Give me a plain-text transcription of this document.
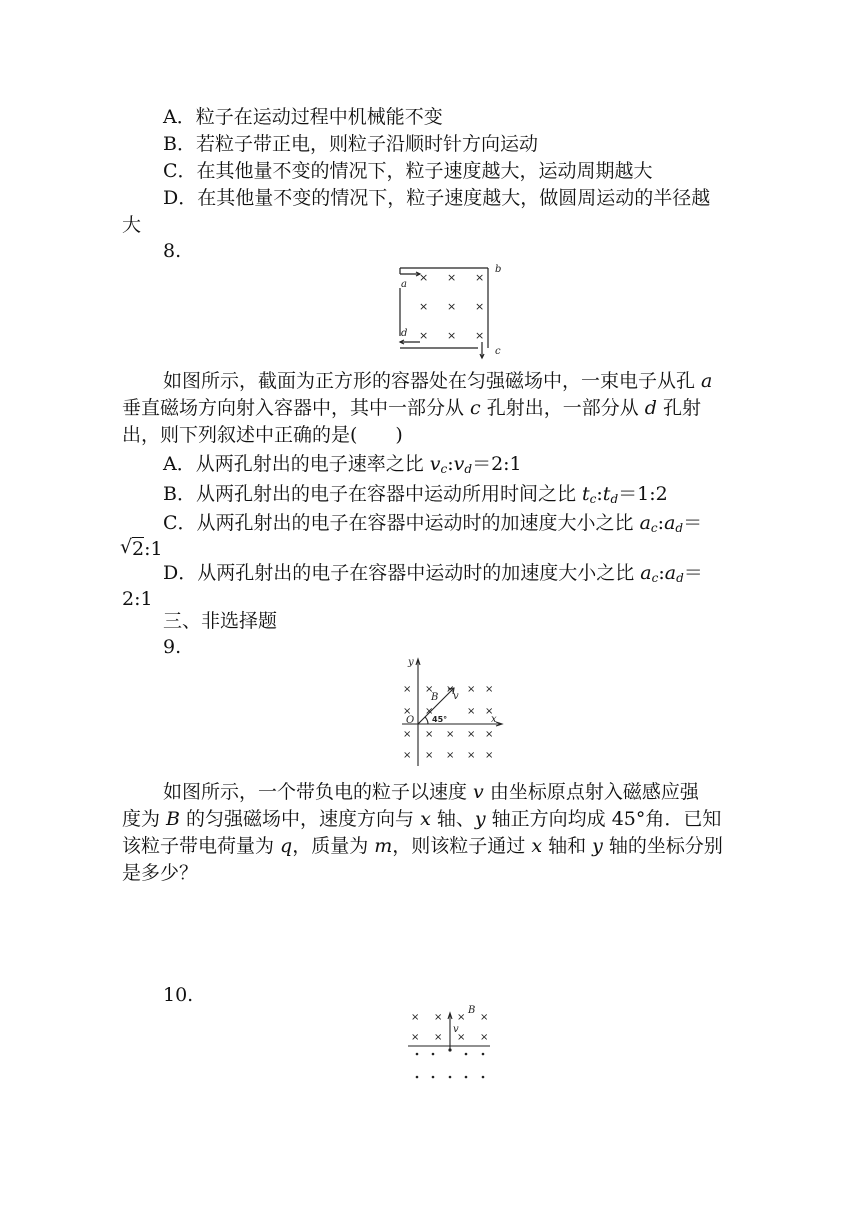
A．粒子在运动过程中机械能不变
B．若粒子带正电，则粒子沿顺时针方向运动
C．在其他量不变的情况下，粒子速度越大，运动周期越大
D．在其他量不变的情况下，粒子速度越大，做圆周运动的半径越
大
8.
× × ×
× × ×
× × ×
a
b
c
d
如图所示，截面为正方形的容器处在匀强磁场中，一束电子从孔 a
垂直磁场方向射入容器中，其中一部分从 c 孔射出，一部分从 d 孔射
出，则下列叙述中正确的是(　　)
A．从两孔射出的电子速率之比 $v_c:v_d=2:1$
B．从两孔射出的电子在容器中运动所用时间之比 $t_c:t_d=1:2$
C．从两孔射出的电子在容器中运动时的加速度大小之比 $a_c:a_d=$
√ 2:1
D．从两孔射出的电子在容器中运动时的加速度大小之比 $a_c:a_d=$
2:1
三、非选择题
9.
× × × × ×
× ×	× ×
× × × × ×
× × × × ×
y
x
O
B v
45°
如图所示，一个带负电的粒子以速度 v 由坐标原点射入磁感应强
度为 B 的匀强磁场中，速度方向与 x 轴、y 轴正方向均成 45°角．已知
该粒子带电荷量为 q，质量为 m，则该粒子通过 x 轴和 y 轴的坐标分别
是多少？
10.
× × × ×
× × × ×
B
v
